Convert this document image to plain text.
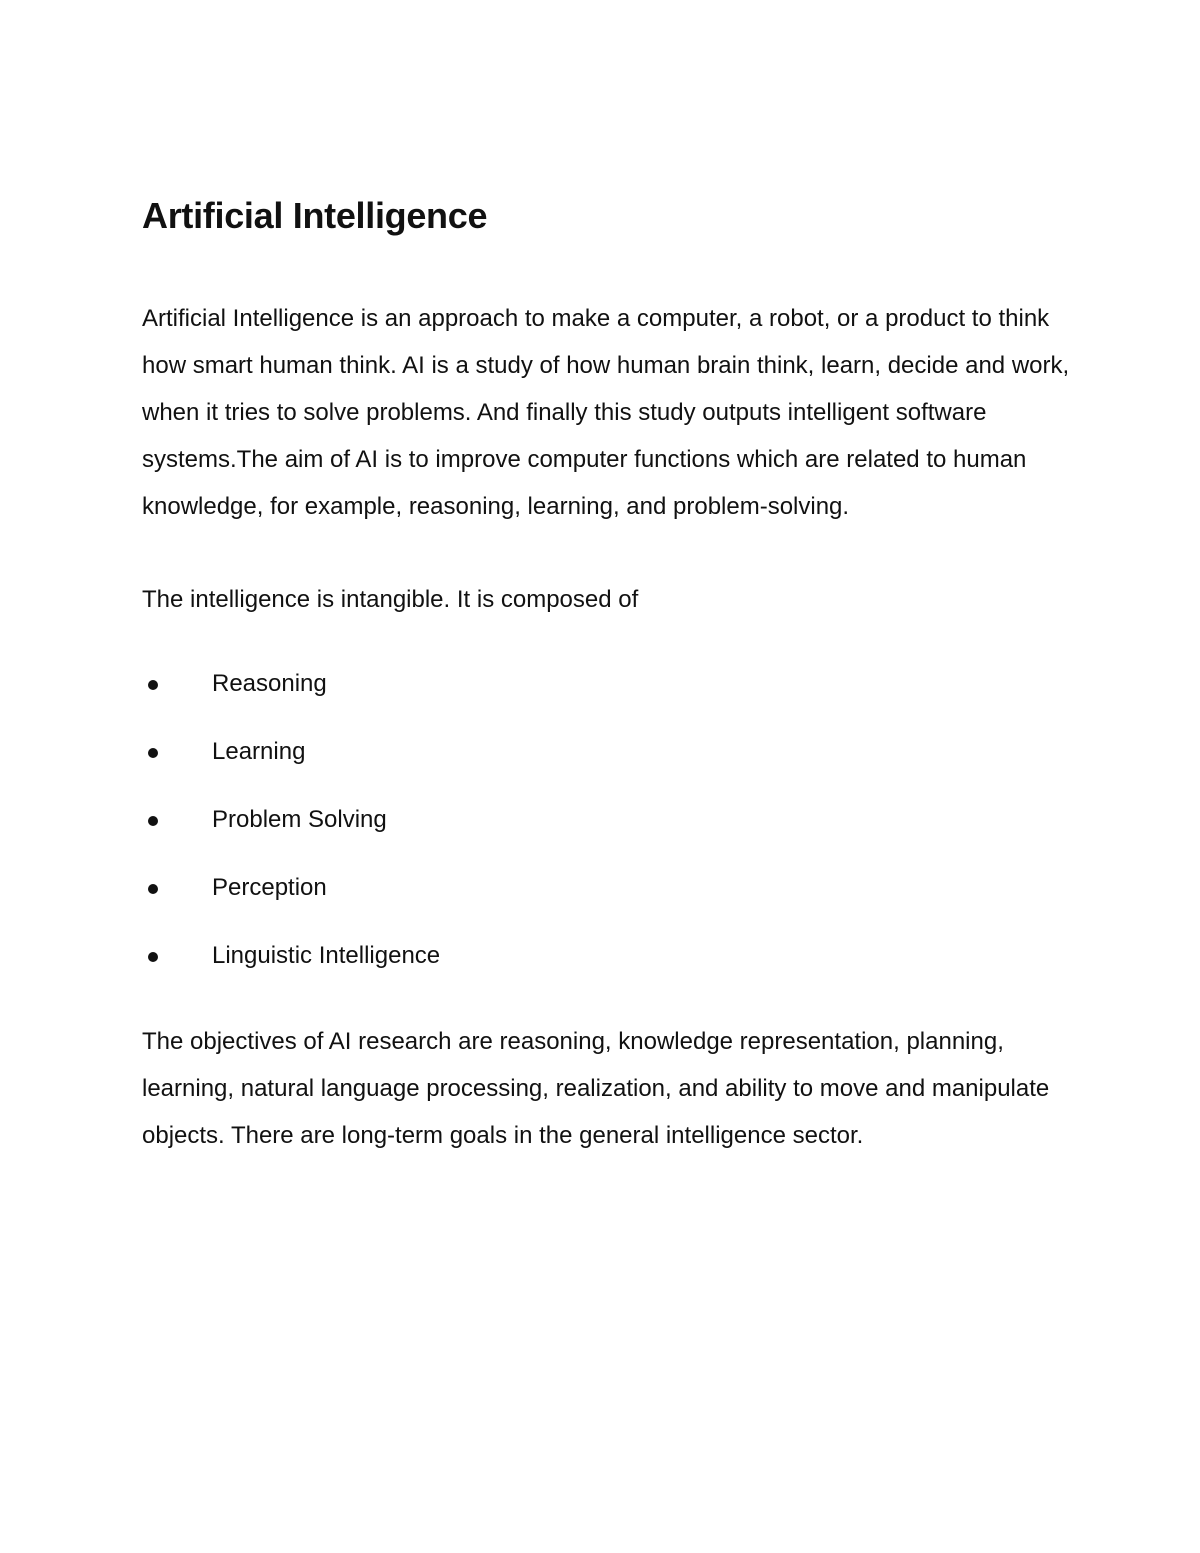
Artificial Intelligence

Artificial Intelligence is an approach to make a computer, a robot, or a product to think how smart human think. AI is a study of how human brain think, learn, decide and work, when it tries to solve problems. And finally this study outputs intelligent software systems.The aim of AI is to improve computer functions which are related to human knowledge, for example, reasoning, learning, and problem-solving.

The intelligence is intangible. It is composed of

Reasoning
Learning
Problem Solving
Perception
Linguistic Intelligence

The objectives of AI research are reasoning, knowledge representation, planning, learning, natural language processing, realization, and ability to move and manipulate objects. There are long-term goals in the general intelligence sector.
